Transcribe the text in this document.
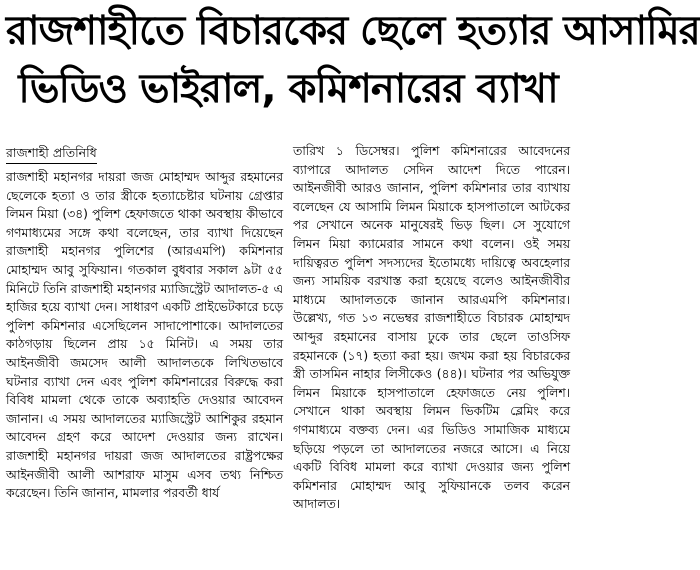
রাজশাহীতে বিচারকের ছেলে হত্যার আসামির
ভিডিও ভাইরাল, কমিশনারের ব্যাখা
রাজশাহী প্রতিনিধি

রাজশাহী মহানগর দায়রা জজ মোহাম্মদ আব্দুর রহমানের ছেলেকে হত্যা ও তার স্ত্রীকে হত্যাচেষ্টার ঘটনায় গ্রেপ্তার লিমন মিয়া (৩৪) পুলিশ হেফাজতে থাকা অবস্থায় কীভাবে গণমাধ্যমের সঙ্গে কথা বলেছেন, তার ব্যাখা দিয়েছেন রাজশাহী মহানগর পুলিশের (আরএমপি) কমিশনার মোহাম্মদ আবু সুফিয়ান। গতকাল বুধবার সকাল ৯টা ৫৫ মিনিটে তিনি রাজশাহী মহানগর ম্যাজিস্ট্রেট আদালত-৫ এ হাজির হয়ে ব্যাখা দেন। সাধারণ একটি প্রাইভেটকারে চড়ে পুলিশ কমিশনার এসেছিলেন সাদাপোশাকে। আদালতের কাঠগড়ায় ছিলেন প্রায় ১৫ মিনিট। এ সময় তার আইনজীবী জমসেদ আলী আদালতকে লিখিতভাবে ঘটনার ব্যাখা দেন এবং পুলিশ কমিশনারের বিরুদ্ধে করা বিবিধ মামলা থেকে তাকে অব্যাহতি দেওয়ার আবেদন জানান। এ সময় আদালতের ম্যাজিস্ট্রেট আশিকুর রহমান আবেদন গ্রহণ করে আদেশ দেওয়ার জন্য রাখেন। রাজশাহী মহানগর দায়রা জজ আদালতের রাষ্ট্রপক্ষের আইনজীবী আলী আশরাফ মাসুম এসব তথ্য নিশ্চিত করেছেন। তিনি জানান, মামলার পরবর্তী ধার্য

তারিখ ১ ডিসেম্বর। পুলিশ কমিশনারের আবেদনের ব্যাপারে আদালত সেদিন আদেশ দিতে পারেন। আইনজীবী আরও জানান, পুলিশ কমিশনার তার ব্যাখায় বলেছেন যে আসামি লিমন মিয়াকে হাসপাতালে আটকের পর সেখানে অনেক মানুষেরই ভিড় ছিল। সে সুযোগে লিমন মিয়া ক্যামেরার সামনে কথা বলেন। ওই সময় দায়িত্বরত পুলিশ সদস্যদের ইতোমধ্যে দায়িত্বে অবহেলার জন্য সাময়িক বরখাস্ত করা হয়েছে বলেও আইনজীবীর মাধ্যমে আদালতকে জানান আরএমপি কমিশনার। উল্লেখ্য, গত ১৩ নভেম্বর রাজশাহীতে বিচারক মোহাম্মদ আব্দুর রহমানের বাসায় ঢুকে তার ছেলে তাওসিফ রহমানকে (১৭) হত্যা করা হয়। জখম করা হয় বিচারকের স্ত্রী তাসমিন নাহার লিসীকেও (৪৪)। ঘটনার পর অভিযুক্ত লিমন মিয়াকে হাসপাতালে হেফাজতে নেয় পুলিশ। সেখানে থাকা অবস্থায় লিমন ভিকটিম ব্লেমিং করে গণমাধ্যমে বক্তব্য দেন। এর ভিডিও সামাজিক মাধ্যমে ছড়িয়ে পড়লে তা আদালতের নজরে আসে। এ নিয়ে একটি বিবিধ মামলা করে ব্যাখা দেওয়ার জন্য পুলিশ কমিশনার মোহাম্মদ আবু সুফিয়ানকে তলব করেন আদালত।
